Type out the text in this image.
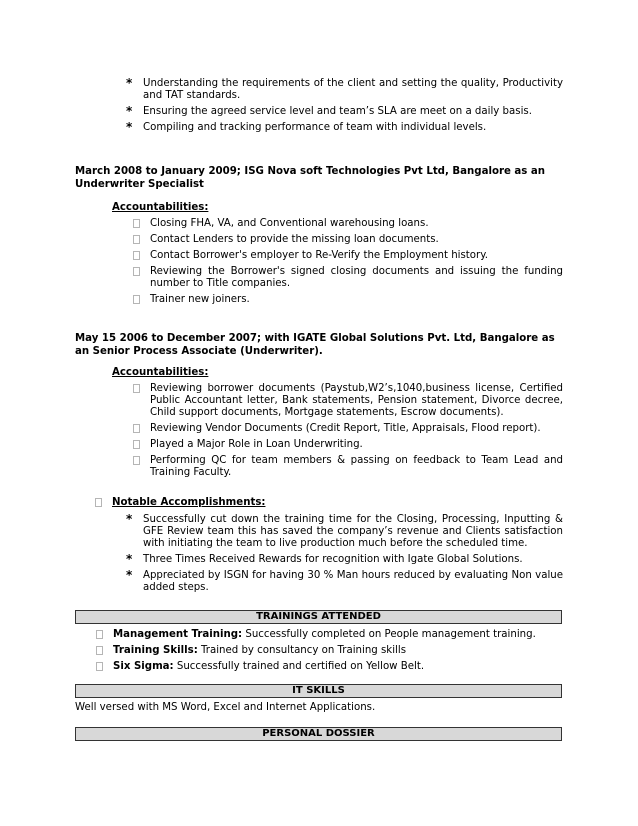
* Understanding the requirements of the client and setting the quality, Productivity and TAT standards.
* Ensuring the agreed service level and team’s SLA are meet on a daily basis.
* Compiling and tracking performance of team with individual levels.
March 2008 to January 2009; ISG Nova soft Technologies Pvt Ltd, Bangalore as an Underwriter Specialist
Accountabilities:
Closing FHA, VA, and Conventional warehousing loans.
Contact Lenders to provide the missing loan documents.
Contact Borrower's employer to Re-Verify the Employment history.
Reviewing the Borrower's signed closing documents and issuing the funding number to Title companies.
Trainer new joiners.
May 15 2006 to December 2007; with IGATE Global Solutions Pvt. Ltd, Bangalore as an Senior Process Associate (Underwriter).
Accountabilities:
Reviewing borrower documents (Paystub,W2’s,1040,business license, Certified Public Accountant letter, Bank statements, Pension statement, Divorce decree, Child support documents, Mortgage statements, Escrow documents).
Reviewing Vendor Documents (Credit Report, Title, Appraisals, Flood report).
Played a Major Role in Loan Underwriting.
Performing QC for team members & passing on feedback to Team Lead and Training Faculty.
Notable Accomplishments:
* Successfully cut down the training time for the Closing, Processing, Inputting & GFE Review team this has saved the company’s revenue and Clients satisfaction with initiating the team to live production much before the scheduled time.
* Three Times Received Rewards for recognition with Igate Global Solutions.
* Appreciated by ISGN for having 30 % Man hours reduced by evaluating Non value added steps.
TRAININGS ATTENDED
Management Training: Successfully completed on People management training.
Training Skills: Trained by consultancy on Training skills
Six Sigma: Successfully trained and certified on Yellow Belt.
IT SKILLS
Well versed with MS Word, Excel and Internet Applications.
PERSONAL DOSSIER
